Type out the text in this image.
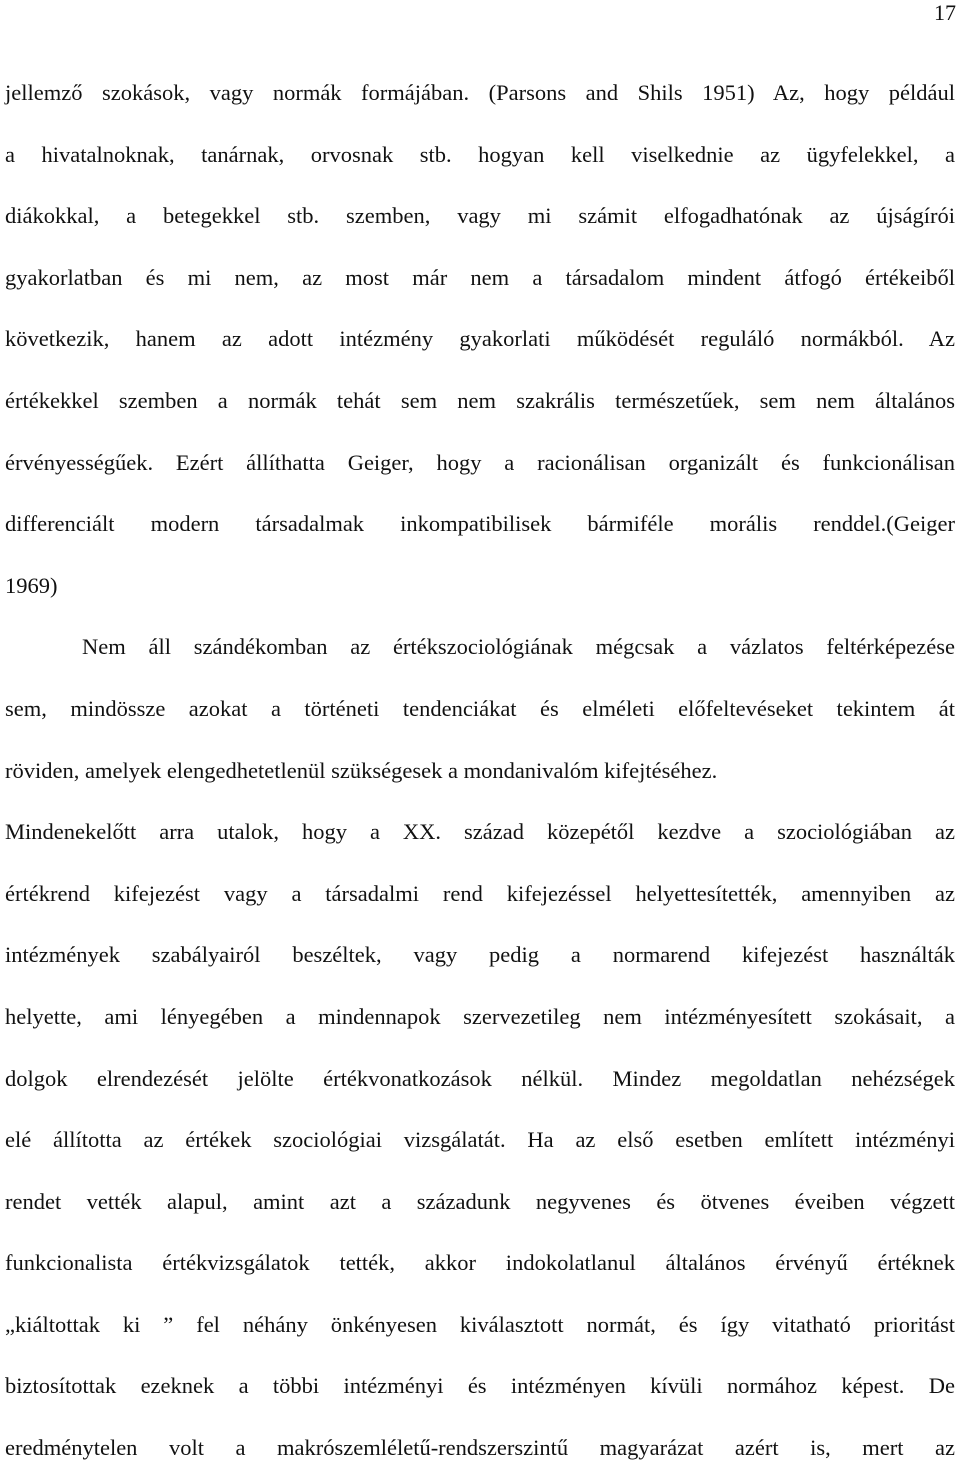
17
jellemző szokások, vagy normák formájában. (Parsons and Shils 1951) Az, hogy például
a hivatalnoknak, tanárnak, orvosnak stb. hogyan kell viselkednie az ügyfelekkel, a
diákokkal, a betegekkel stb. szemben, vagy mi számit elfogadhatónak az újságírói
gyakorlatban és mi nem, az most már nem a társadalom mindent átfogó értékeiből
következik, hanem az adott intézmény gyakorlati működését reguláló normákból. Az
értékekkel szemben a normák tehát sem nem szakrális természetűek, sem nem általános
érvényességűek. Ezért állíthatta Geiger, hogy a racionálisan organizált és funkcionálisan
differenciált modern társadalmak inkompatibilisek bármiféle morális renddel.(Geiger
1969)
Nem áll szándékomban az értékszociológiának mégcsak a vázlatos feltérképezése
sem, mindössze azokat a történeti tendenciákat és elméleti előfeltevéseket tekintem át
röviden, amelyek elengedhetetlenül szükségesek a mondanivalóm kifejtéséhez.
Mindenekelőtt arra utalok, hogy a XX. század közepétől kezdve a szociológiában az
értékrend kifejezést vagy a társadalmi rend kifejezéssel helyettesítették, amennyiben az
intézmények szabályairól beszéltek, vagy pedig a normarend kifejezést használták
helyette, ami lényegében a mindennapok szervezetileg nem intézményesített szokásait, a
dolgok elrendezését jelölte értékvonatkozások nélkül. Mindez megoldatlan nehézségek
elé állította az értékek szociológiai vizsgálatát. Ha az első esetben említett intézményi
rendet vették alapul, amint azt a századunk negyvenes és ötvenes éveiben végzett
funkcionalista értékvizsgálatok tették, akkor indokolatlanul általános érvényű értéknek
„kiáltottak ki ” fel néhány önkényesen kiválasztott normát, és így vitatható prioritást
biztosítottak ezeknek a többi intézményi és intézményen kívüli normához képest. De
eredménytelen volt a makrószemléletű-rendszerszintű magyarázat azért is, mert az
